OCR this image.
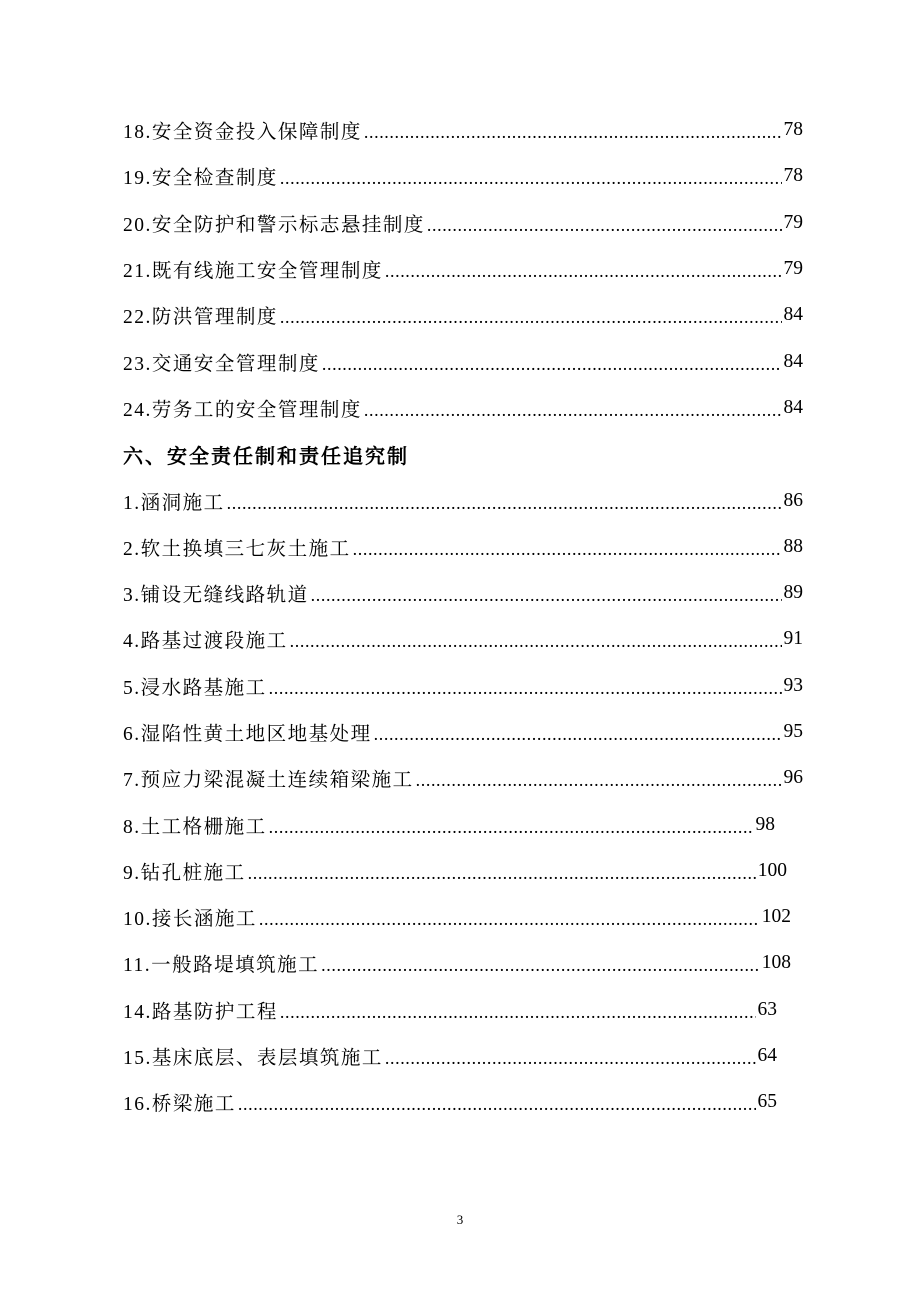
18.安全资金投入保障制度 .....	78
19.安全检查制度 .....	78
20.安全防护和警示标志悬挂制度 .....	79
21.既有线施工安全管理制度 .....	79
22.防洪管理制度 .....	84
23.交通安全管理制度 .....	84
24.劳务工的安全管理制度 .....	84
六、安全责任制和责任追究制
1.涵洞施工 .....	86
2.软土换填三七灰土施工 .....	88
3.铺设无缝线路轨道 .....	89
4.路基过渡段施工 .....	91
5.浸水路基施工 .....	93
6.湿陷性黄土地区地基处理 .....	95
7.预应力梁混凝土连续箱梁施工 .....	96
8.土工格栅施工 .....	98
9.钻孔桩施工 .....	100
10.接长涵施工 .....	102
11.一般路堤填筑施工 .....	108
14.路基防护工程 .....	63
15.基床底层、表层填筑施工 .....	64
16.桥梁施工 .....	65
3
